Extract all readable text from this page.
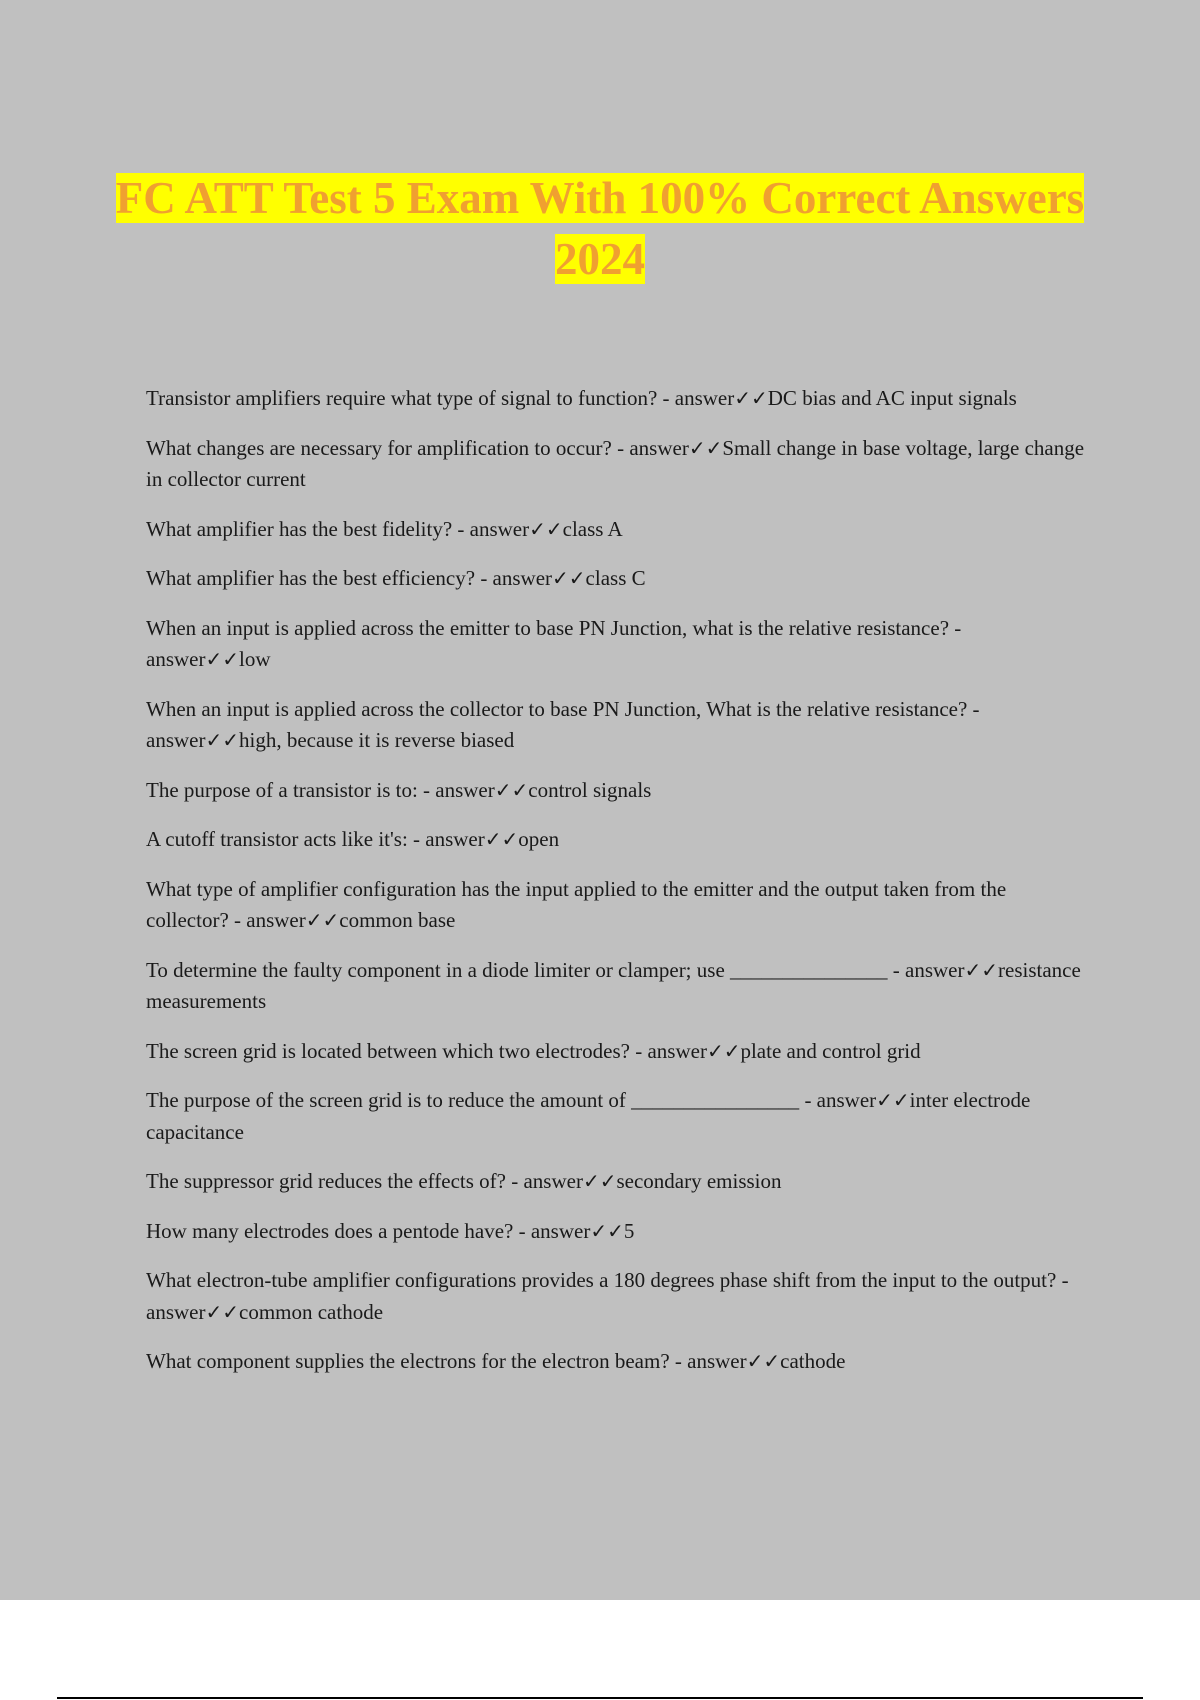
FC ATT Test 5 Exam With 100% Correct Answers 2024
Transistor amplifiers require what type of signal to function? - answer✓✓DC bias and AC input signals
What changes are necessary for amplification to occur? - answer✓✓Small change in base voltage, large change in collector current
What amplifier has the best fidelity? - answer✓✓class A
What amplifier has the best efficiency? - answer✓✓class C
When an input is applied across the emitter to base PN Junction, what is the relative resistance? - answer✓✓low
When an input is applied across the collector to base PN Junction, What is the relative resistance? - answer✓✓high, because it is reverse biased
The purpose of a transistor is to: - answer✓✓control signals
A cutoff transistor acts like it's: - answer✓✓open
What type of amplifier configuration has the input applied to the emitter and the output taken from the collector? - answer✓✓common base
To determine the faulty component in a diode limiter or clamper; use _______________ - answer✓✓resistance measurements
The screen grid is located between which two electrodes? - answer✓✓plate and control grid
The purpose of the screen grid is to reduce the amount of ________________ - answer✓✓inter electrode capacitance
The suppressor grid reduces the effects of? - answer✓✓secondary emission
How many electrodes does a pentode have? - answer✓✓5
What electron-tube amplifier configurations provides a 180 degrees phase shift from the input to the output? - answer✓✓common cathode
What component supplies the electrons for the electron beam? - answer✓✓cathode
